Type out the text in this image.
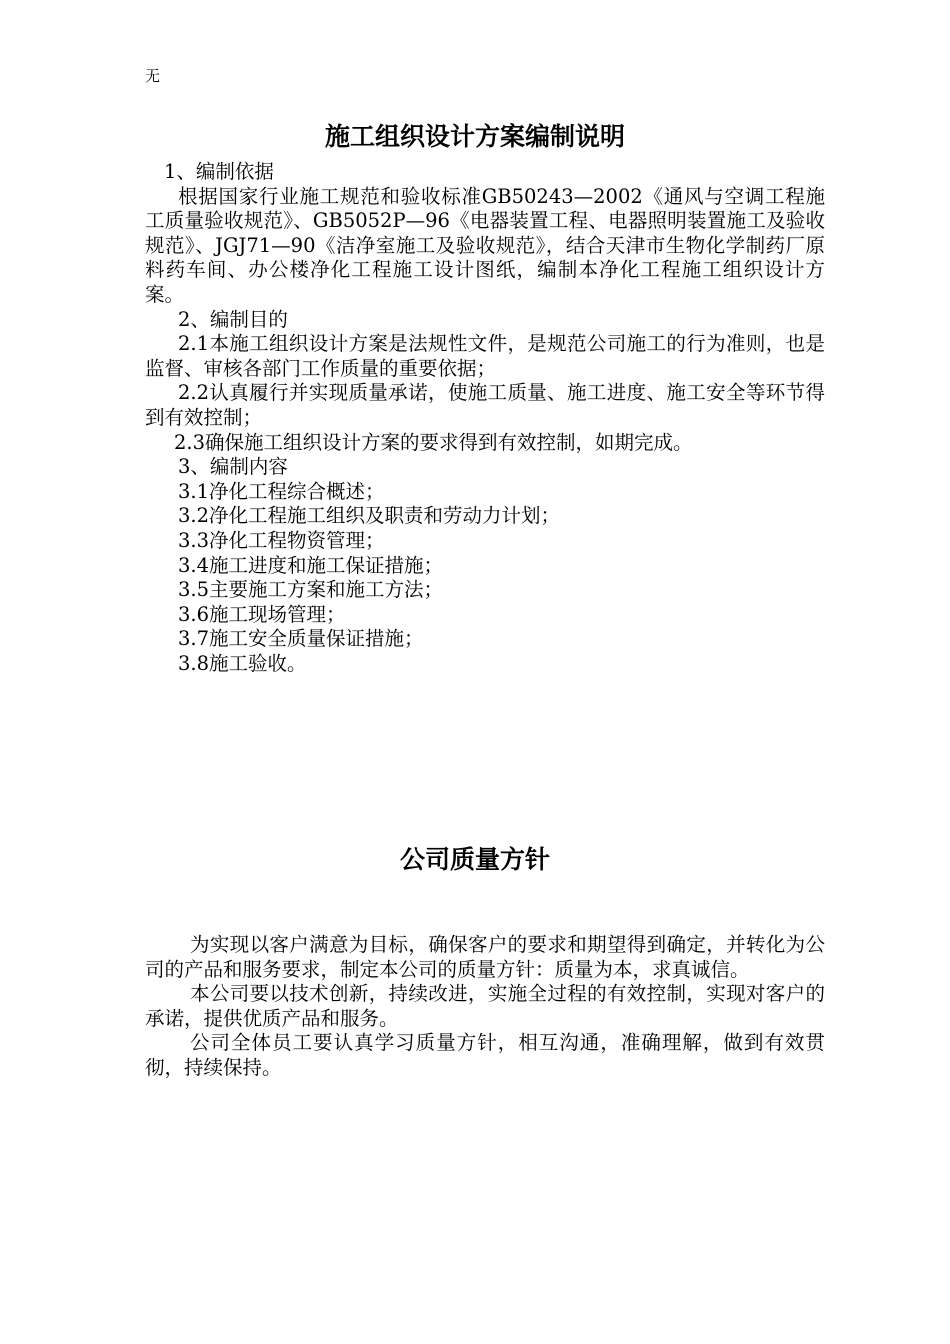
无
施工组织设计方案编制说明

1、编制依据

根据国家行业施工规范和验收标准GB50243—2002《通风与空调工程施工质量验收规范》、GB5052P—96《电器装置工程、电器照明装置施工及验收规范》、JGJ71—90《洁净室施工及验收规范》，结合天津市生物化学制药厂原料药车间、办公楼净化工程施工设计图纸，编制本净化工程施工组织设计方案。

2、编制目的

2.1本施工组织设计方案是法规性文件，是规范公司施工的行为准则，也是监督、审核各部门工作质量的重要依据；

2.2认真履行并实现质量承诺，使施工质量、施工进度、施工安全等环节得到有效控制；

2.3确保施工组织设计方案的要求得到有效控制，如期完成。

3、编制内容

3.1净化工程综合概述；

3.2净化工程施工组织及职责和劳动力计划；

3.3净化工程物资管理；

3.4施工进度和施工保证措施；

3.5主要施工方案和施工方法；

3.6施工现场管理；

3.7施工安全质量保证措施；

3.8施工验收。

公司质量方针

为实现以客户满意为目标，确保客户的要求和期望得到确定，并转化为公司的产品和服务要求，制定本公司的质量方针：质量为本，求真诚信。

本公司要以技术创新，持续改进，实施全过程的有效控制，实现对客户的承诺，提供优质产品和服务。

公司全体员工要认真学习质量方针，相互沟通，准确理解，做到有效贯彻，持续保持。
